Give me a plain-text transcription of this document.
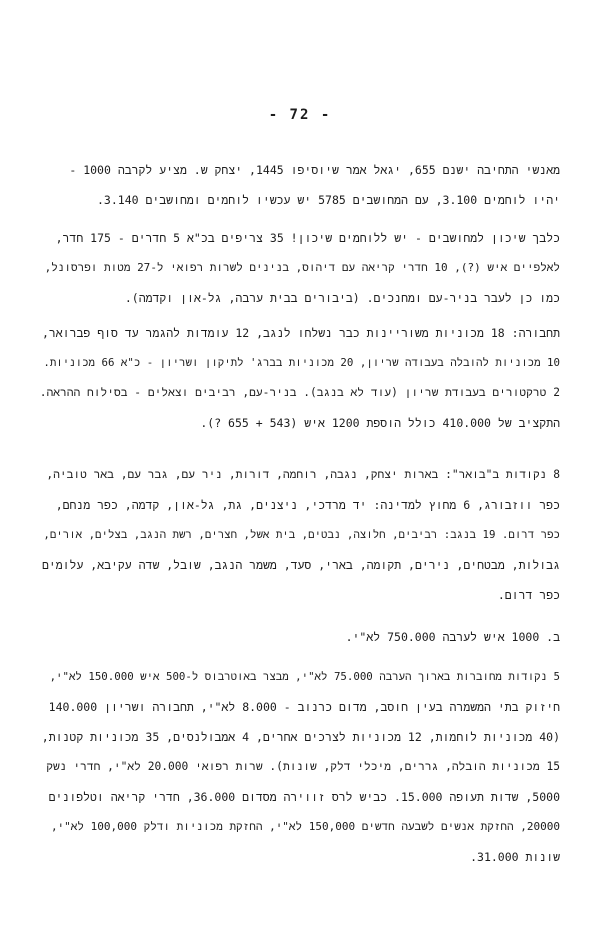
- 72 -
מאנשי התחיבה ישנם 655, יגאל אמר שיוסיפו 1445, יצחק ש. מציע לקרבה 1000 -
יהיו לוחמים 3.100, עם המחושבים 5785 יש עכשיו לוחמים ומחושבים 3.140.
כלבך שיכון למחושבים - יש ללוחמים שיכון! 35 צריפים בכ"א 5 חדרים - 175 חדר,
לאלפיים איש (?), 10 חדרי קריאה עם דיהוס, בנינים לשרות רפואי ל-27 מטות ופרסונל,
כמו כן לעבר בניר-עם ומחנכים. (ביבורים בבית ערבה, גל-און וקדמה).
תחבורה: 18 מכוניות משוריינות כבר נשלחו לנגב, 12 עומדות להגמר עד סוף פברואר,
10 מכוניות להובלה בעבודה שריון, 20 מכוניות בברג' לתיקון ושריון - כ"א 66 מכוניות.
2 טרקטורים בעבודת שריון (עוד לא בנגב). בניר-עם, רביבים וצאלים - בסילוח ההראה.
התקציב של 410.000 כולל הוספת 1200 איש (543 + 655 ?).
8 נקודות ב"בואר": בארות יצחק, נגבה, רוחמה, דורות, ניר עם, גבר עם, באר טוביה,
כפר ווזבורג, 6 מחוץ למדינה: יד מרדכי, ניצנים, גת, גל-און, קדמה, כפר מנחם,
כפר דרום. 19 בנגב: רביבים, חלוצה, נבטים, בית אשל, חצרים, רשת הנגב, בצלים, אורים,
גבולות, מבטחים, נירים, תקומה, בארי, סעד, משמר הנגב, שובל, שדה עקיבא, עלומים
כפר דרום.
ב. 1000 איש לערבה 750.000 לא"י.
5 נקודות מחוברות בארוך הערבה 75.000 לא"י, מבצר באוטרבוס ל-500 איש 150.000 לא"י,
חיזוק בתי המשמרה בעין חוסב, מדום כרנוב - 8.000 לא"י, תחבורה ושריון 140.000
(40 מכוניות לוחמות, 12 מכוניות לצרכים אחרים, 4 אמבולנסים, 35 מכוניות קטנות,
15 מכוניות הובלה, גררים, מיכלי דלק, שונות). שרות רפואי 20.000 לא"י, חדרי נשק
5000, שדות תעופה 15.000. כביש לרס זווירה מסדום 36.000, חדרי קריאה וטלפונים
20000, החזקת אנשים לשבעה חדשים 150,000 לא"י, החזקת מכוניות ודלק 100,000 לא"י,
שונות 31.000.
